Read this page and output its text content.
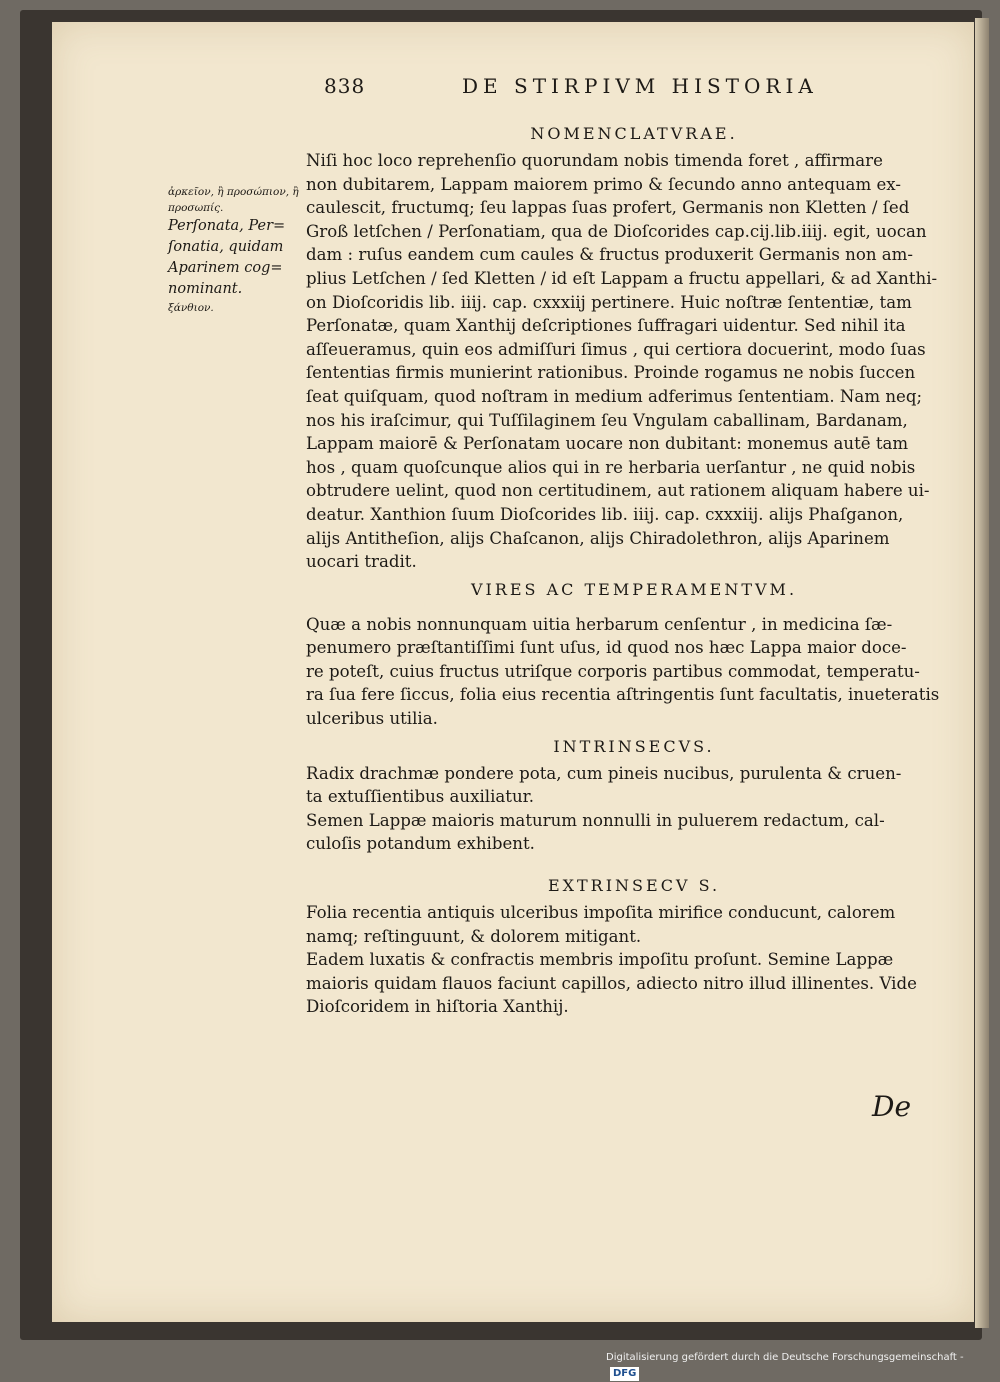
838	DE STIRPIVM HISTORIA
ἀρκεῖον, ἢ προσώπιον, ἢ προσωπίς.
Perſonata, Per=
ſonatia, quidam
Aparinem cog=
nominant.
ξάνθιον.
NOMENCLATVRAE.
Niſi hoc loco reprehenſio quorundam nobis timenda foret , affirmare
non dubitarem, Lappam maiorem primo & ſecundo anno antequam ex-
caulescit, fructumq; ſeu lappas ſuas profert, Germanis non Kletten / ſed
Groß letſchen / Perſonatiam, qua de Dioſcorides cap.cij.lib.iiij. egit, uocan
dam : ruſus eandem cum caules & fructus produxerit Germanis non am-
plius Letſchen / ſed Kletten / id eſt Lappam a fructu appellari, & ad Xanthi-
on Dioſcoridis lib. iiij. cap. cxxxiij pertinere. Huic noſtræ ſententiæ, tam
Perſonatæ, quam Xanthij deſcriptiones ſuffragari uidentur. Sed nihil ita
aſſeueramus, quin eos admiſſuri ſimus , qui certiora docuerint, modo ſuas
ſententias firmis munierint rationibus. Proinde rogamus ne nobis ſuccen
ſeat quiſquam, quod noſtram in medium adferimus ſententiam. Nam neq;
nos his iraſcimur, qui Tuſſilaginem ſeu Vngulam caballinam, Bardanam,
Lappam maiorē & Perſonatam uocare non dubitant: monemus autē tam
hos , quam quoſcunque alios qui in re herbaria uerſantur , ne quid nobis
obtrudere uelint, quod non certitudinem, aut rationem aliquam habere ui-
deatur. Xanthion ſuum Dioſcorides lib. iiij. cap. cxxxiij. alijs Phaſganon,
alijs Antitheſion, alijs Chaſcanon, alijs Chiradolethron, alijs Aparinem
uocari tradit.
VIRES AC TEMPERAMENTVM.
Quæ a nobis nonnunquam uitia herbarum cenſentur , in medicina ſæ-
penumero præſtantiſſimi ſunt uſus, id quod nos hæc Lappa maior doce-
re poteſt, cuius fructus utriſque corporis partibus commodat, temperatu-
ra ſua fere ſiccus, folia eius recentia aſtringentis ſunt facultatis, inueteratis
ulceribus utilia.
INTRINSECVS.
Radix drachmæ pondere pota, cum pineis nucibus, purulenta & cruen-
ta extuſſientibus auxiliatur.
Semen Lappæ maioris maturum nonnulli in puluerem redactum, cal-
culoſis potandum exhibent.
EXTRINSECV S.
Folia recentia antiquis ulceribus impoſita mirifice conducunt, calorem
namq; reſtinguunt, & dolorem mitigant.
Eadem luxatis & confractis membris impoſitu proſunt. Semine Lappæ
maioris quidam flauos faciunt capillos, adiecto nitro illud illinentes. Vide
Dioſcoridem in hiſtoria Xanthij.
De
Digitalisierung gefördert durch die Deutsche Forschungsgemeinschaft - DFG
